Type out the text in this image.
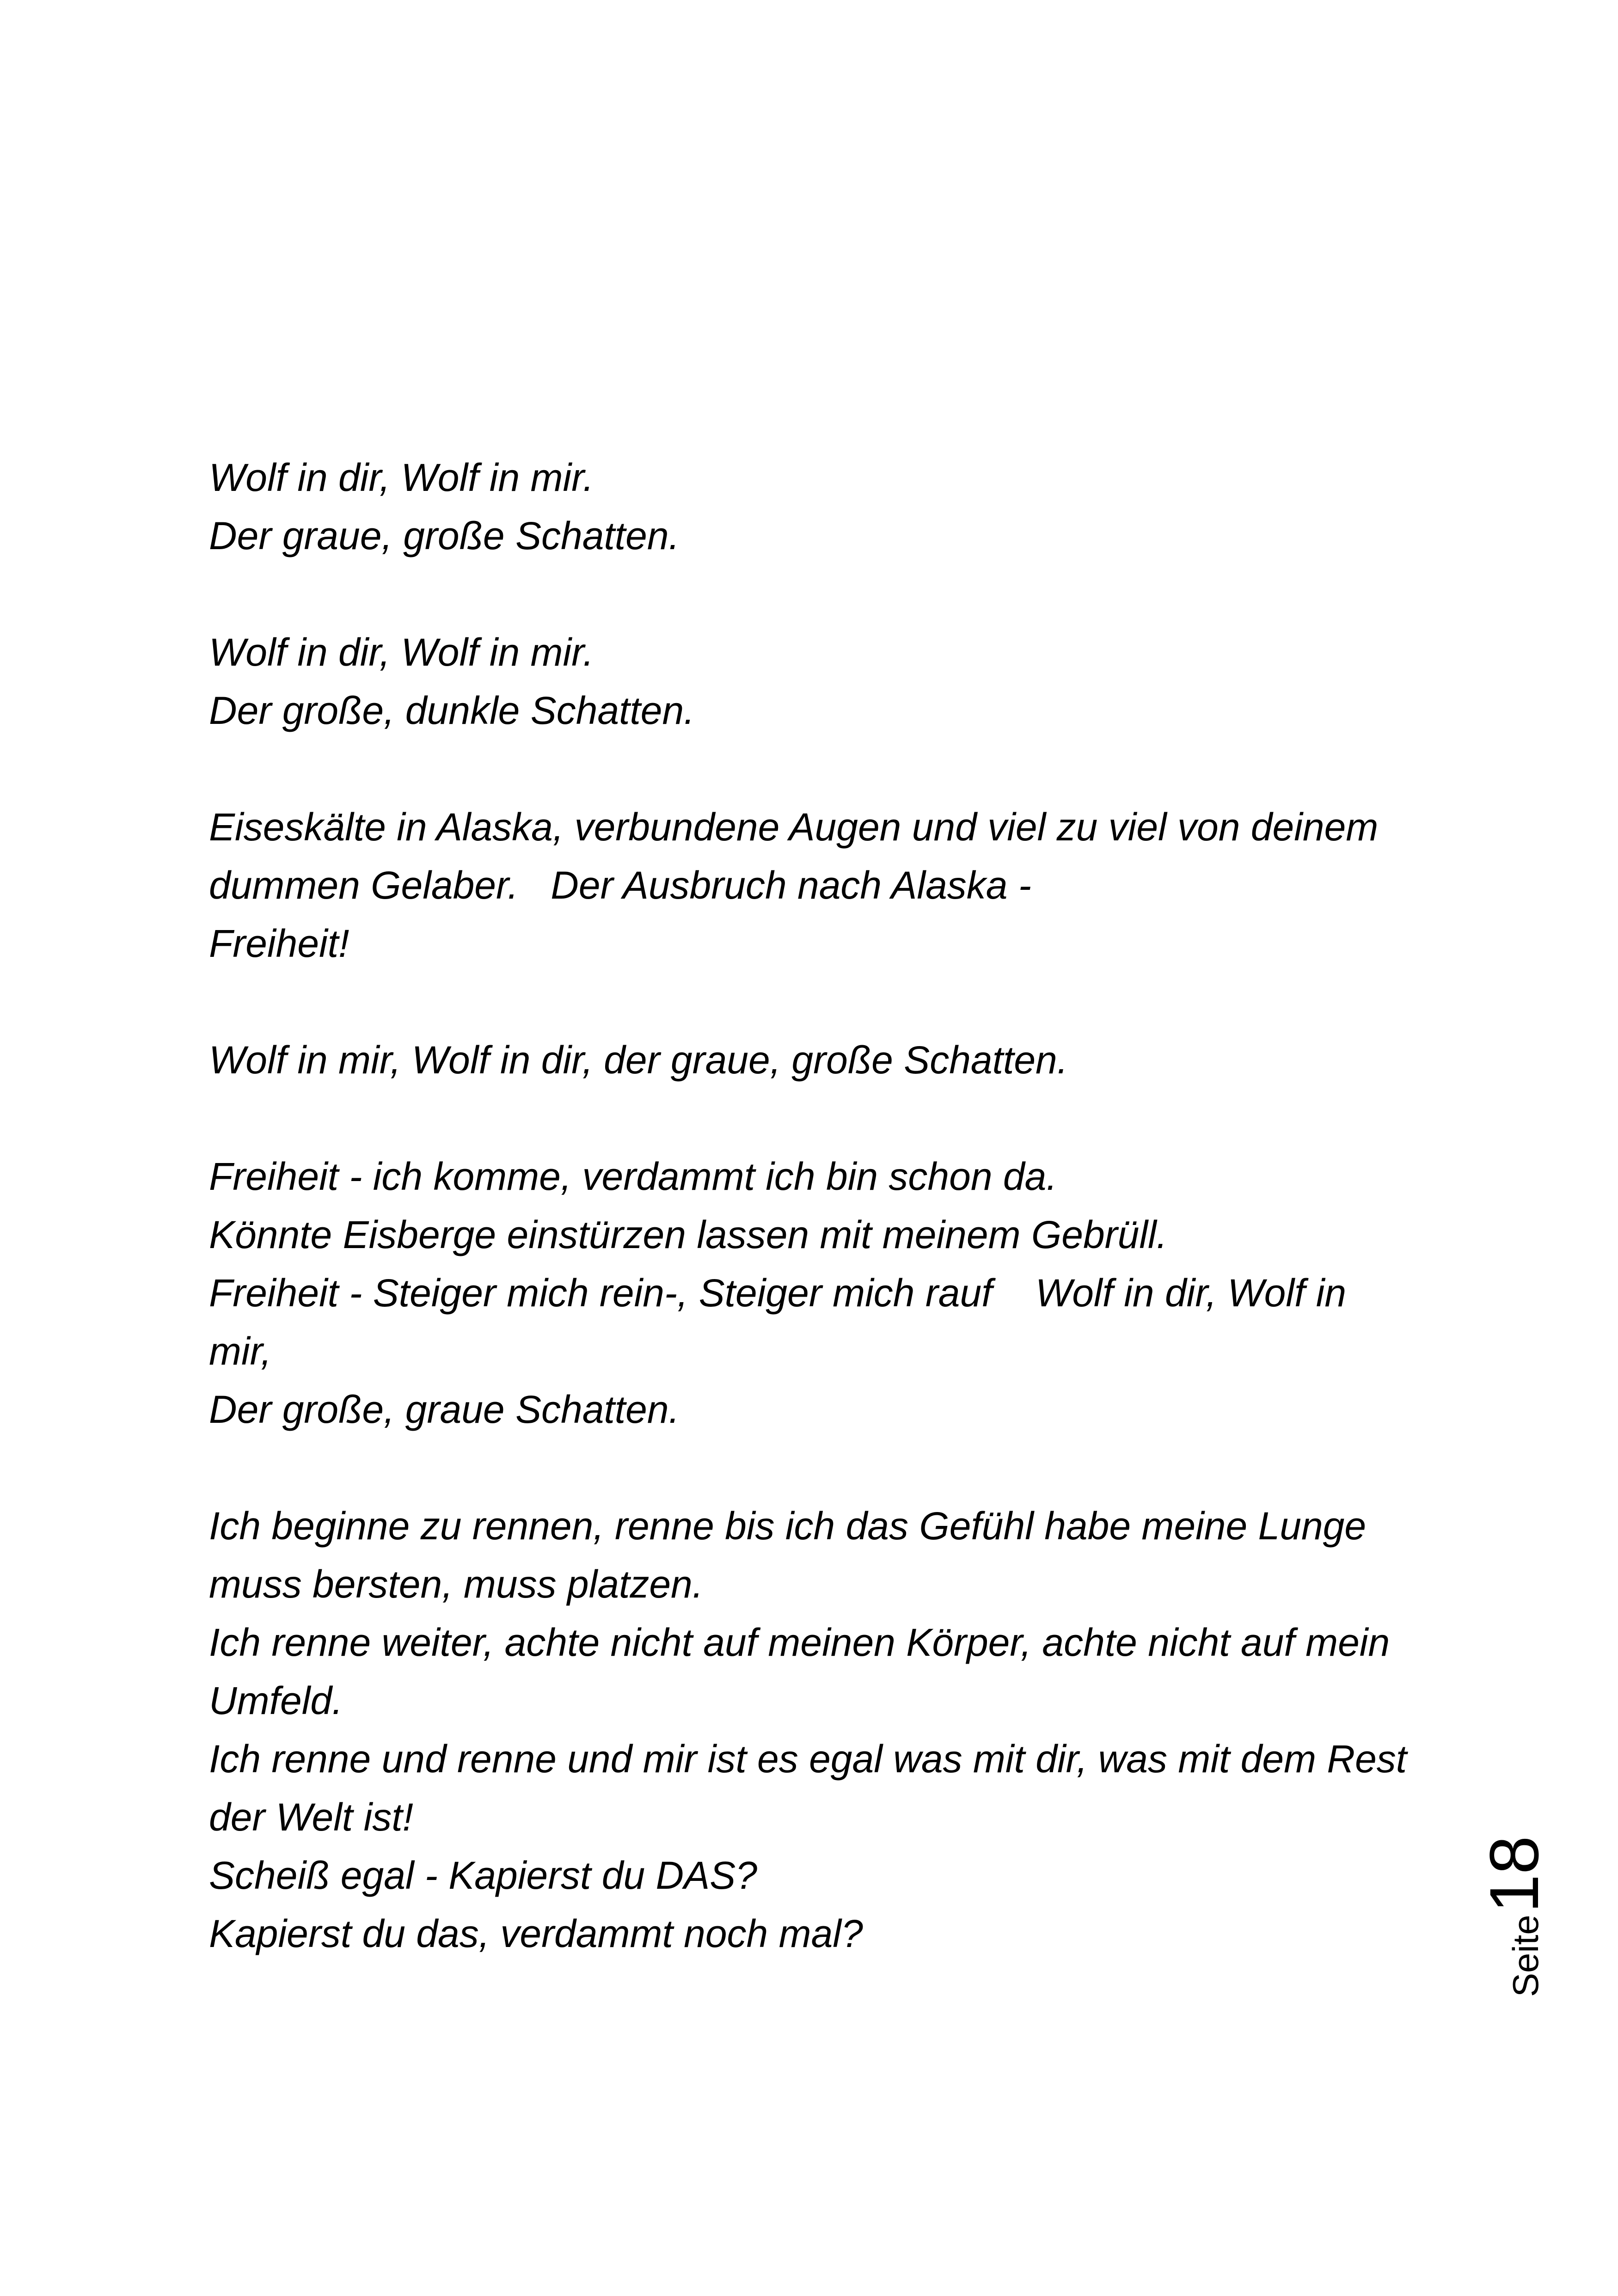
Wolf in dir, Wolf in mir.
Der graue, große Schatten.
Wolf in dir, Wolf in mir.
Der große, dunkle Schatten.
Eiseskälte in Alaska, verbundene Augen und viel zu viel von deinem
dummen Gelaber.   Der Ausbruch nach Alaska -
Freiheit!
Wolf in mir, Wolf in dir, der graue, große Schatten.
Freiheit - ich komme, verdammt ich bin schon da.
Könnte Eisberge einstürzen lassen mit meinem Gebrüll.
Freiheit - Steiger mich rein-, Steiger mich rauf    Wolf in dir, Wolf in
mir,
Der große, graue Schatten.
Ich beginne zu rennen, renne bis ich das Gefühl habe meine Lunge
muss bersten, muss platzen.
Ich renne weiter, achte nicht auf meinen Körper, achte nicht auf mein
Umfeld.
Ich renne und renne und mir ist es egal was mit dir, was mit dem Rest
der Welt ist!
Scheiß egal - Kapierst du DAS?
Kapierst du das, verdammt noch mal?	Seite
18
